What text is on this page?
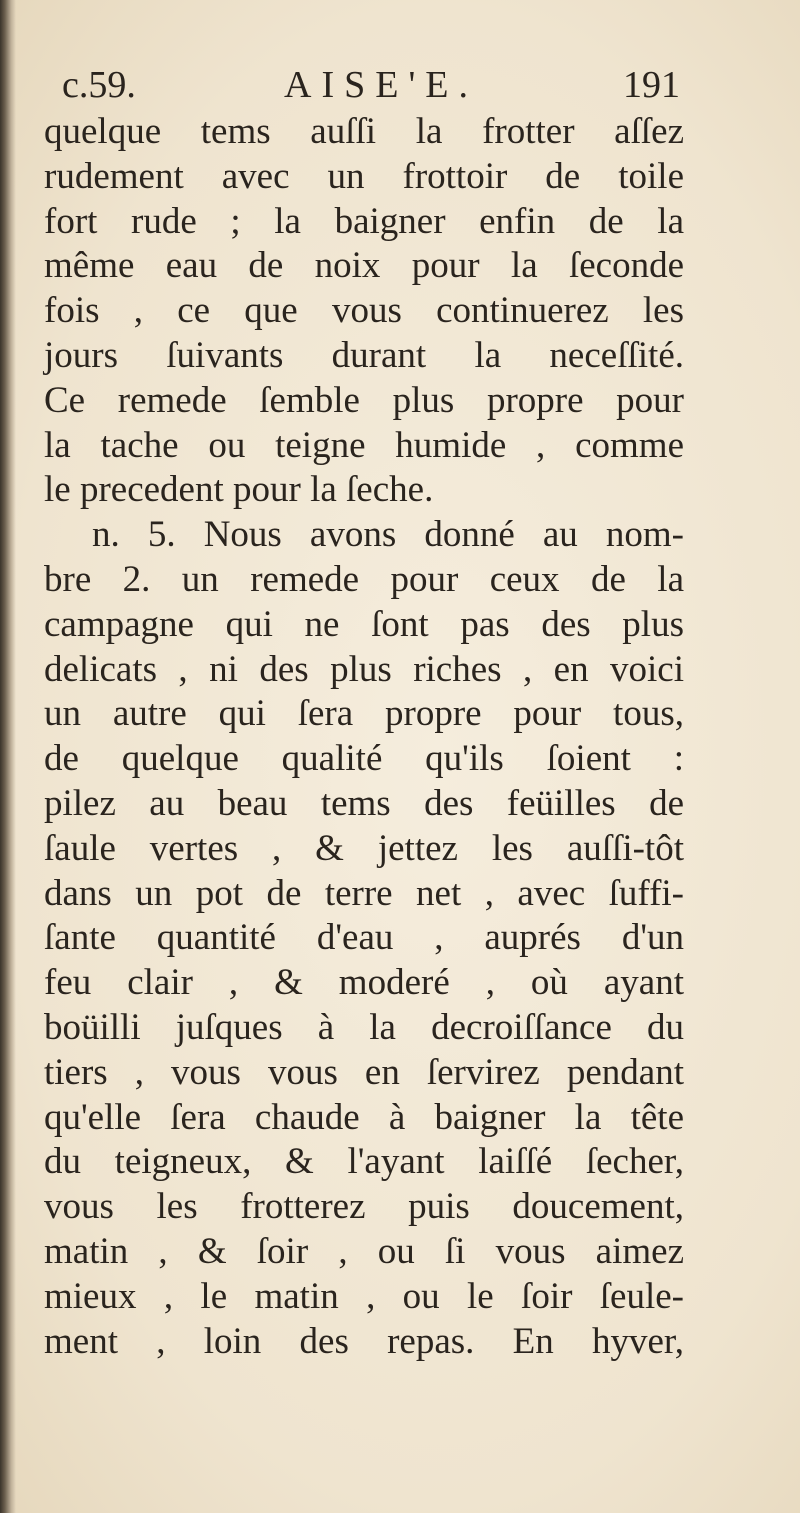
c.59.	AISE'E.	191
quelque tems auſſi la frotter aſſez
rudement avec un frottoir de toile
fort rude ; la baigner enfin de la
même eau de noix pour la ſeconde
fois , ce que vous continuerez les
jours ſuivants durant la neceſſité.
Ce remede ſemble plus propre pour
la tache ou teigne humide , comme
le precedent pour la ſeche.
n. 5. Nous avons donné au nom-
bre 2. un remede pour ceux de la
campagne qui ne ſont pas des plus
delicats , ni des plus riches , en voici
un autre qui ſera propre pour tous,
de quelque qualité qu'ils ſoient :
pilez au beau tems des feüilles de
ſaule vertes , & jettez les auſſi-tôt
dans un pot de terre net , avec ſuffi-
ſante quantité d'eau , auprés d'un
feu clair , & moderé , où ayant
boüilli juſques à la decroiſſance du
tiers , vous vous en ſervirez pendant
qu'elle ſera chaude à baigner la tête
du teigneux, & l'ayant laiſſé ſecher,
vous les frotterez puis doucement,
matin , & ſoir , ou ſi vous aimez
mieux , le matin , ou le ſoir ſeule-
ment , loin des repas. En hyver,
